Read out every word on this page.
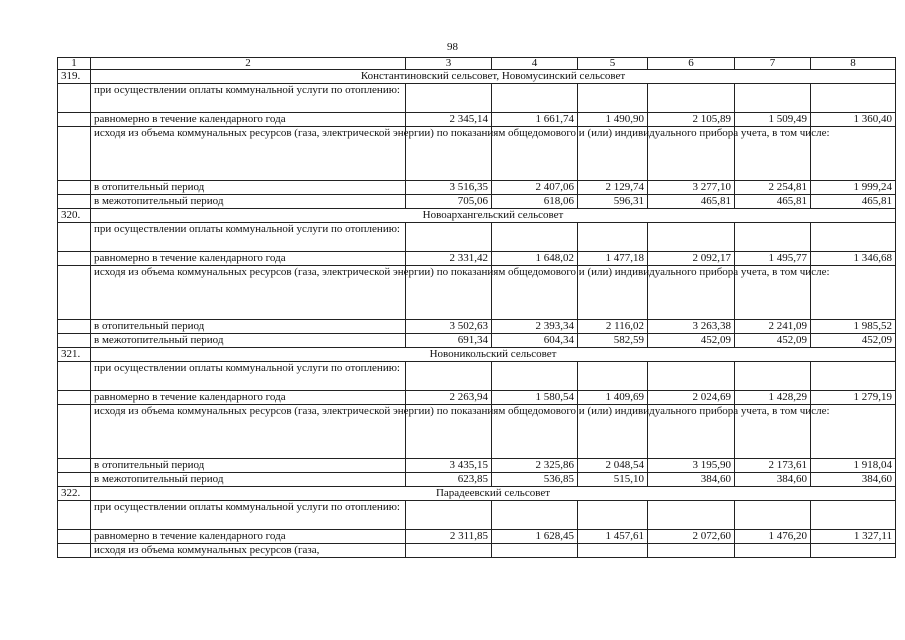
98
1	2	3	4	5	6	7	8
319.	Константиновский сельсовет, Новомусинский сельсовет						
	при осуществлении оплаты коммунальной услуги по отоплению:						
	равномерно в течение календарного года	2 345,14	1 661,74	1 490,90	2 105,89	1 509,49	1 360,40
	исходя из объема коммунальных ресурсов (газа, электрической энергии) по показаниям общедомового и (или) индивидуального прибора учета, в том числе:						
	в отопительный период	3 516,35	2 407,06	2 129,74	3 277,10	2 254,81	1 999,24
	в межотопительный период	705,06	618,06	596,31	465,81	465,81	465,81
320.	Новоархангельский сельсовет						
	при осуществлении оплаты коммунальной услуги по отоплению:						
	равномерно в течение календарного года	2 331,42	1 648,02	1 477,18	2 092,17	1 495,77	1 346,68
	исходя из объема коммунальных ресурсов (газа, электрической энергии) по показаниям общедомового и (или) индивидуального прибора учета, в том числе:						
	в отопительный период	3 502,63	2 393,34	2 116,02	3 263,38	2 241,09	1 985,52
	в межотопительный период	691,34	604,34	582,59	452,09	452,09	452,09
321.	Новоникольский сельсовет						
	при осуществлении оплаты коммунальной услуги по отоплению:						
	равномерно в течение календарного года	2 263,94	1 580,54	1 409,69	2 024,69	1 428,29	1 279,19
	исходя из объема коммунальных ресурсов (газа, электрической энергии) по показаниям общедомового и (или) индивидуального прибора учета, в том числе:						
	в отопительный период	3 435,15	2 325,86	2 048,54	3 195,90	2 173,61	1 918,04
	в межотопительный период	623,85	536,85	515,10	384,60	384,60	384,60
322.	Парадеевский сельсовет						
	при осуществлении оплаты коммунальной услуги по отоплению:						
	равномерно в течение календарного года	2 311,85	1 628,45	1 457,61	2 072,60	1 476,20	1 327,11
	исходя из объема коммунальных ресурсов (газа,						
